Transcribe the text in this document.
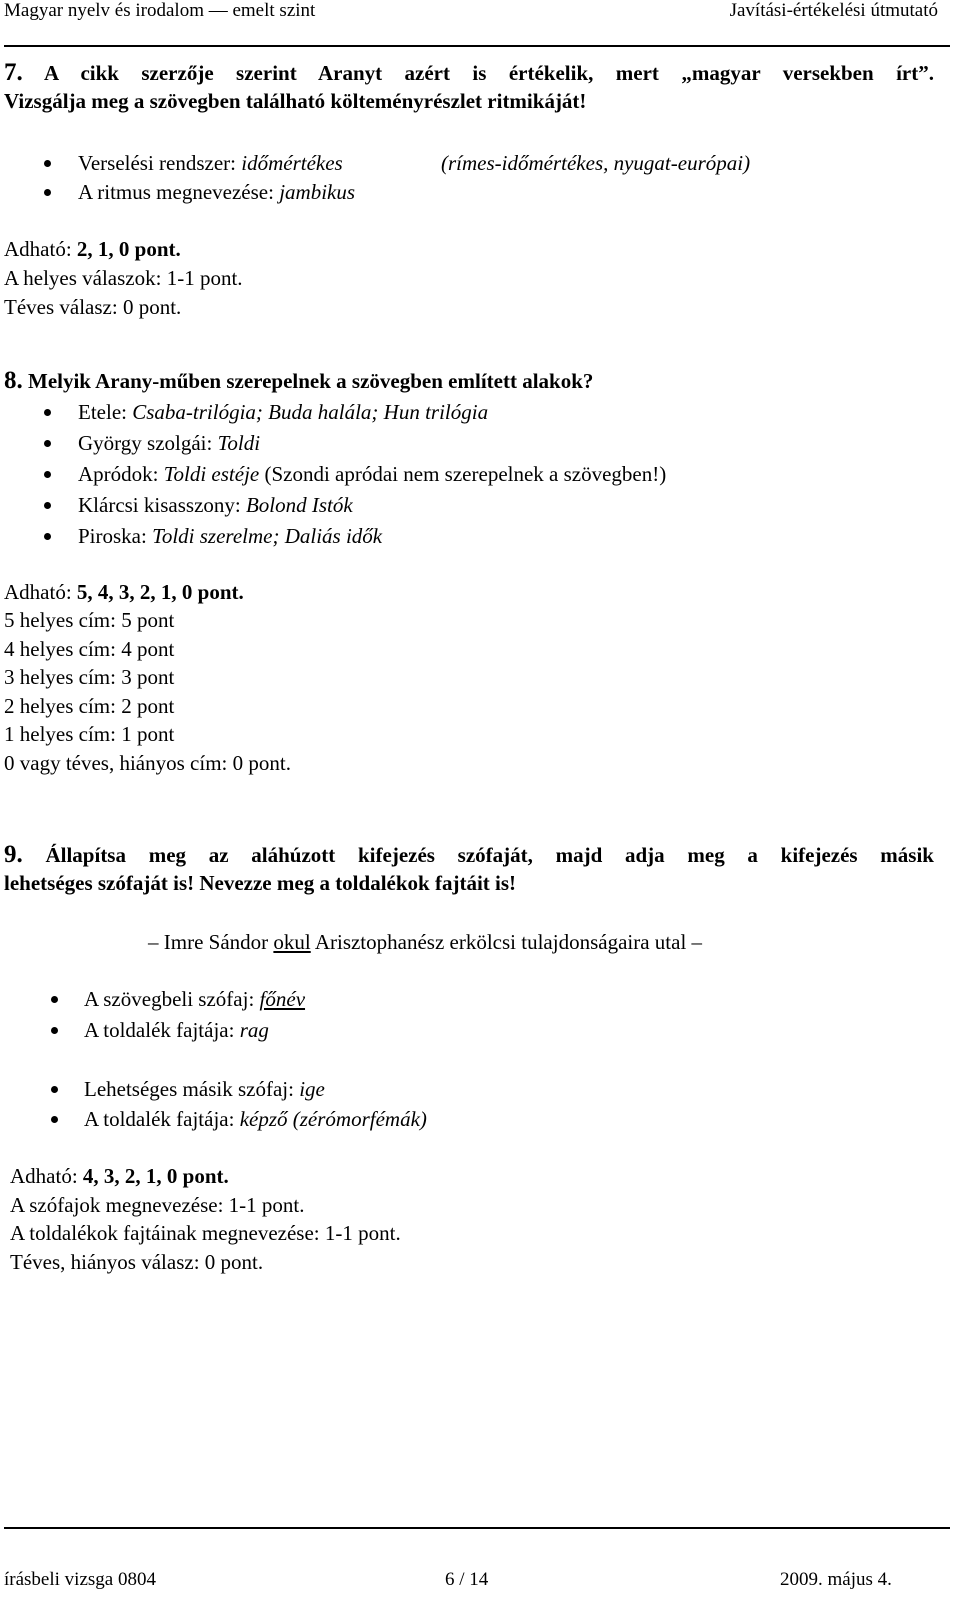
Magyar nyelv és irodalom — emelt szint	Javítási-értékelési útmutató
7. A cikk szerzője szerint Aranyt azért is értékelik, mert „magyar versekben írt”.
Vizsgálja meg a szövegben található költeményrészlet ritmikáját!
Verselési rendszer: időmértékes	(rímes-időmértékes, nyugat-európai)
A ritmus megnevezése: jambikus
Adható: 2, 1, 0 pont.
A helyes válaszok: 1-1 pont.
Téves válasz: 0 pont.
8. Melyik Arany-műben szerepelnek a szövegben említett alakok?
Etele: Csaba-trilógia; Buda halála; Hun trilógia
György szolgái: Toldi
Apródok: Toldi estéje (Szondi apródai nem szerepelnek a szövegben!)
Klárcsi kisasszony: Bolond Istók
Piroska: Toldi szerelme; Daliás idők
Adható: 5, 4, 3, 2, 1, 0 pont.
5 helyes cím: 5 pont
4 helyes cím: 4 pont
3 helyes cím: 3 pont
2 helyes cím: 2 pont
1 helyes cím: 1 pont
0 vagy téves, hiányos cím: 0 pont.
9. Állapítsa meg az aláhúzott kifejezés szófaját, majd adja meg a kifejezés másik
lehetséges szófaját is! Nevezze meg a toldalékok fajtáit is!
– Imre Sándor okul Arisztophanész erkölcsi tulajdonságaira utal –
A szövegbeli szófaj: főnév
A toldalék fajtája: rag
Lehetséges másik szófaj: ige
A toldalék fajtája: képző (zérómorfémák)
Adható: 4, 3, 2, 1, 0 pont.
A szófajok megnevezése: 1-1 pont.
A toldalékok fajtáinak megnevezése: 1-1 pont.
Téves, hiányos válasz: 0 pont.
írásbeli vizsga 0804	6 / 14	2009. május 4.
